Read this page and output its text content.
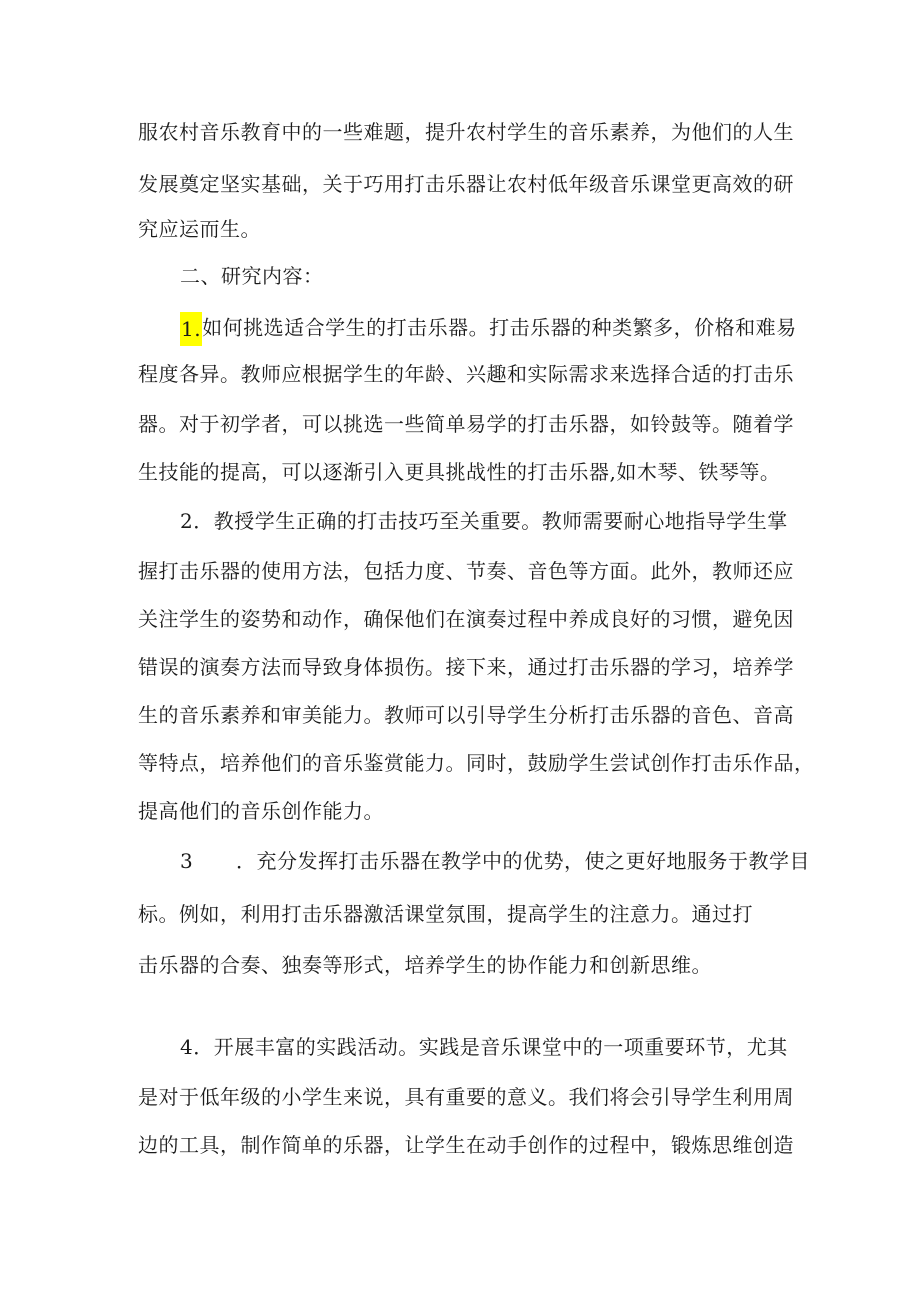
服农村音乐教育中的一些难题，提升农村学生的音乐素养，为他们的人生
发展奠定坚实基础，关于巧用打击乐器让农村低年级音乐课堂更高效的研
究应运而生。
二、研究内容：
1.如何挑选适合学生的打击乐器。打击乐器的种类繁多，价格和难易
程度各异。教师应根据学生的年龄、兴趣和实际需求来选择合适的打击乐
器。对于初学者，可以挑选一些简单易学的打击乐器，如铃鼓等。随着学
生技能的提高，可以逐渐引入更具挑战性的打击乐器,如木琴、铁琴等。
2．教授学生正确的打击技巧至关重要。教师需要耐心地指导学生掌
握打击乐器的使用方法，包括力度、节奏、音色等方面。此外，教师还应
关注学生的姿势和动作，确保他们在演奏过程中养成良好的习惯，避免因
错误的演奏方法而导致身体损伤。接下来，通过打击乐器的学习，培养学
生的音乐素养和审美能力。教师可以引导学生分析打击乐器的音色、音高
等特点，培养他们的音乐鉴赏能力。同时，鼓励学生尝试创作打击乐作品，
提高他们的音乐创作能力。
3 ．充分发挥打击乐器在教学中的优势，使之更好地服务于教学目
标。例如，利用打击乐器激活课堂氛围，提高学生的注意力。通过打
击乐器的合奏、独奏等形式，培养学生的协作能力和创新思维。
4．开展丰富的实践活动。实践是音乐课堂中的一项重要环节，尤其
是对于低年级的小学生来说，具有重要的意义。我们将会引导学生利用周
边的工具，制作简单的乐器，让学生在动手创作的过程中，锻炼思维创造
